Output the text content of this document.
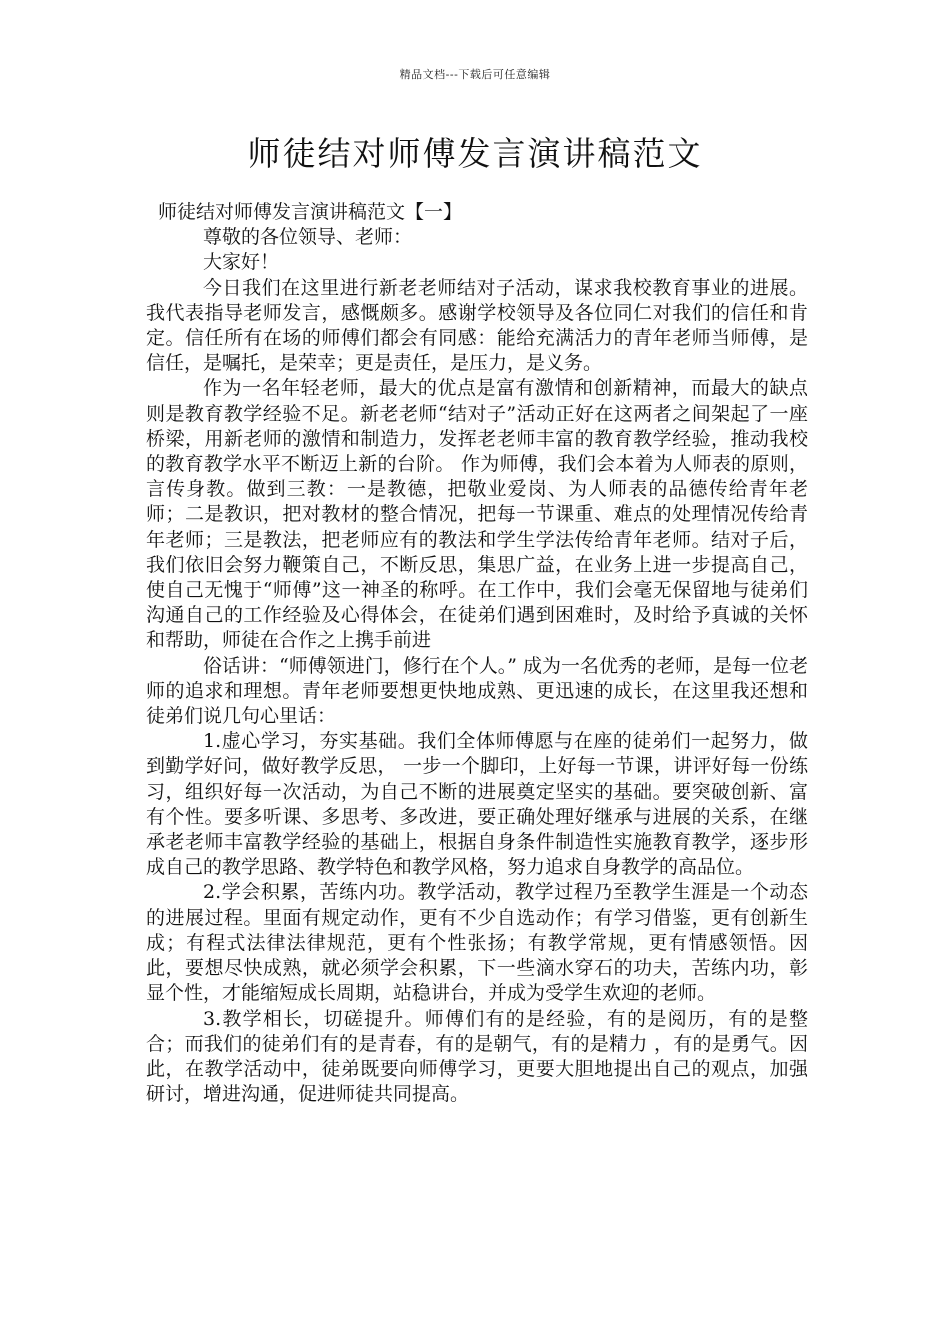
精品文档---下载后可任意编辑
师徒结对师傅发言演讲稿范文

师徒结对师傅发言演讲稿范文【一】

尊敬的各位领导、老师：

大家好！

今日我们在这里进行新老老师结对子活动，谋求我校教育事业的进展。我代表指导老师发言，感慨颇多。感谢学校领导及各位同仁对我们的信任和肯定。信任所有在场的师傅们都会有同感：能给充满活力的青年老师当师傅，是信任，是嘱托，是荣幸；更是责任，是压力，是义务。

作为一名年轻老师，最大的优点是富有激情和创新精神，而最大的缺点则是教育教学经验不足。新老老师“结对子”活动正好在这两者之间架起了一座桥梁，用新老师的激情和制造力，发挥老老师丰富的教育教学经验，推动我校的教育教学水平不断迈上新的台阶。 作为师傅，我们会本着为人师表的原则，言传身教。做到三教：一是教德，把敬业爱岗、为人师表的品德传给青年老师；二是教识，把对教材的整合情况，把每一节课重、难点的处理情况传给青年老师；三是教法，把老师应有的教法和学生学法传给青年老师。结对子后，我们依旧会努力鞭策自己，不断反思，集思广益，在业务上进一步提高自己，使自己无愧于“师傅”这一神圣的称呼。在工作中，我们会毫无保留地与徒弟们沟通自己的工作经验及心得体会，在徒弟们遇到困难时，及时给予真诚的关怀和帮助，师徒在合作之上携手前进

俗话讲：“师傅领进门，修行在个人。” 成为一名优秀的老师，是每一位老师的追求和理想。青年老师要想更快地成熟、更迅速的成长，在这里我还想和徒弟们说几句心里话：

1.虚心学习，夯实基础。我们全体师傅愿与在座的徒弟们一起努力，做到勤学好问，做好教学反思， 一步一个脚印，上好每一节课，讲评好每一份练习，组织好每一次活动，为自己不断的进展奠定坚实的基础。要突破创新、富有个性。要多听课、多思考、多改进，要正确处理好继承与进展的关系，在继承老老师丰富教学经验的基础上，根据自身条件制造性实施教育教学，逐步形成自己的教学思路、教学特色和教学风格，努力追求自身教学的高品位。

2.学会积累，苦练内功。教学活动，教学过程乃至教学生涯是一个动态的进展过程。里面有规定动作，更有不少自选动作；有学习借鉴，更有创新生成；有程式法律法律规范，更有个性张扬；有教学常规，更有情感领悟。因此，要想尽快成熟，就必须学会积累，下一些滴水穿石的功夫，苦练内功，彰显个性，才能缩短成长周期，站稳讲台，并成为受学生欢迎的老师。

3.教学相长，切磋提升。师傅们有的是经验，有的是阅历，有的是整合；而我们的徒弟们有的是青春，有的是朝气，有的是精力 ，有的是勇气。因此，在教学活动中，徒弟既要向师傅学习，更要大胆地提出自己的观点，加强研讨，增进沟通，促进师徒共同提高。
